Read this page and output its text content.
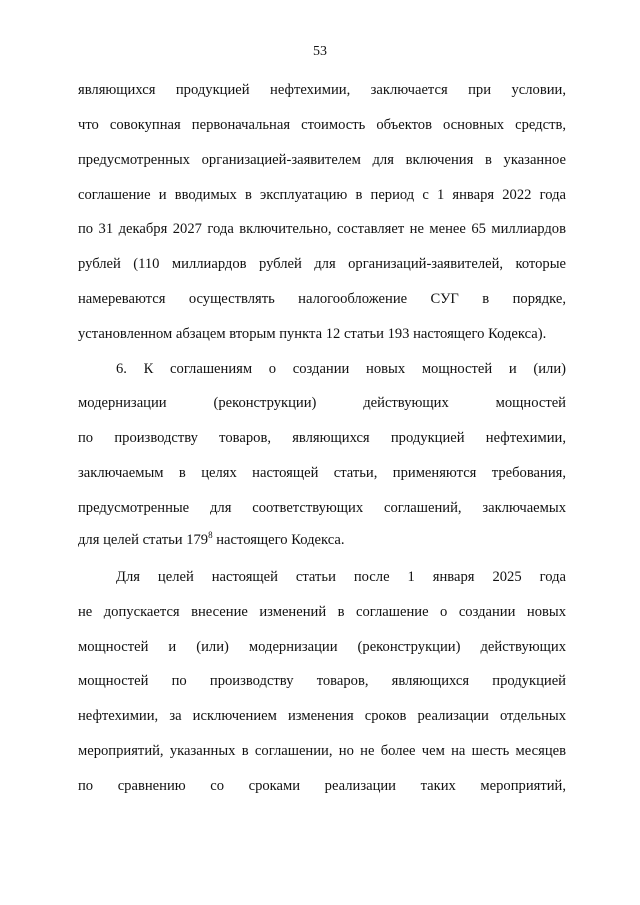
53
являющихся продукцией нефтехимии, заключается при условии,
что совокупная первоначальная стоимость объектов основных средств,
предусмотренных организацией-заявителем для включения в указанное
соглашение и вводимых в эксплуатацию в период с 1 января 2022 года
по 31 декабря 2027 года включительно, составляет не менее 65 миллиардов
рублей (110 миллиардов рублей для организаций-заявителей, которые
намереваются осуществлять налогообложение СУГ в порядке,
установленном абзацем вторым пункта 12 статьи 193 настоящего Кодекса).
6. К соглашениям о создании новых мощностей и (или)
модернизации (реконструкции) действующих мощностей
по производству товаров, являющихся продукцией нефтехимии,
заключаемым в целях настоящей статьи, применяются требования,
предусмотренные для соответствующих соглашений, заключаемых
для целей статьи $179^8$ настоящего Кодекса.
Для целей настоящей статьи после 1 января 2025 года
не допускается внесение изменений в соглашение о создании новых
мощностей и (или) модернизации (реконструкции) действующих
мощностей по производству товаров, являющихся продукцией
нефтехимии, за исключением изменения сроков реализации отдельных
мероприятий, указанных в соглашении, но не более чем на шесть месяцев
по сравнению со сроками реализации таких мероприятий,
